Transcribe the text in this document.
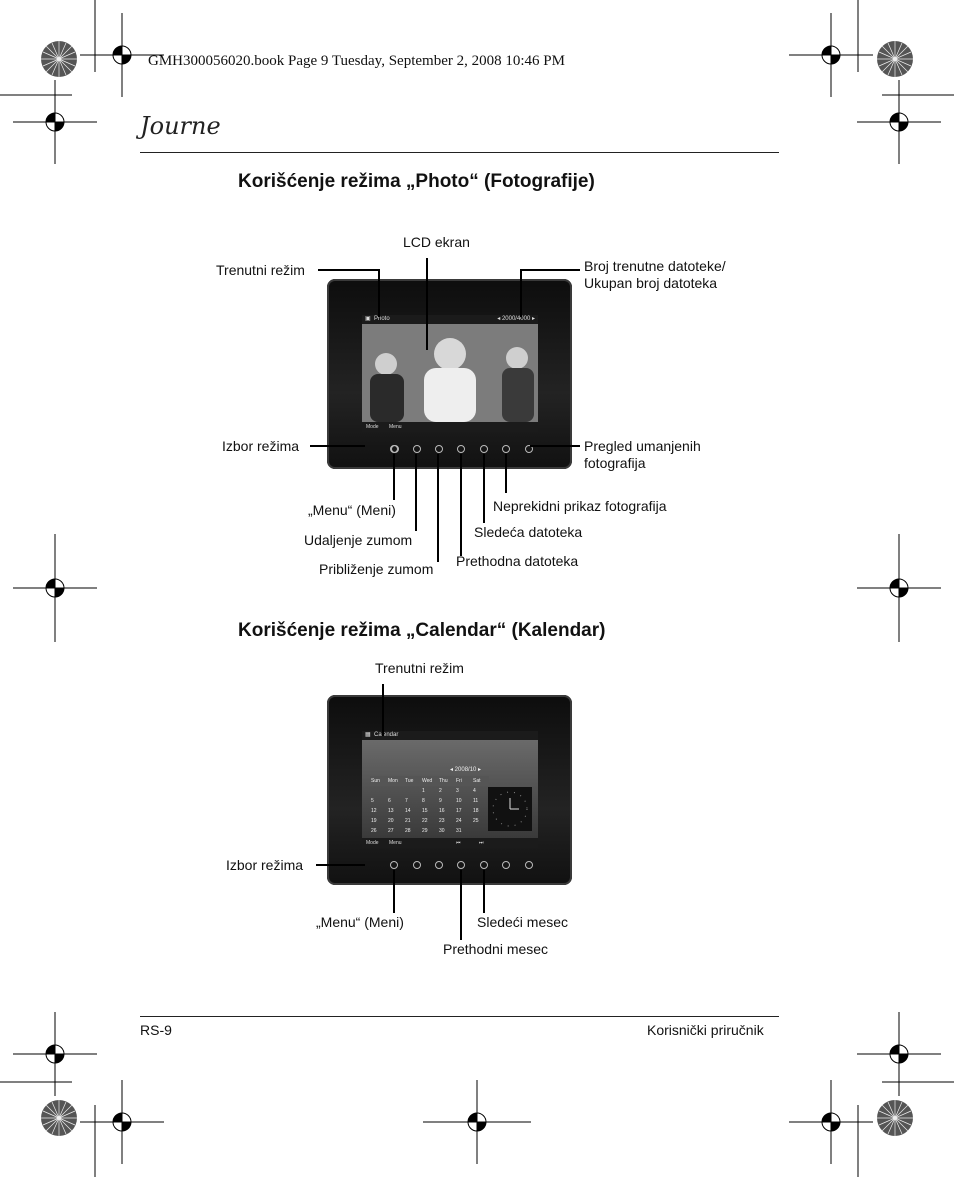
GMH300056020.book Page 9 Tuesday, September 2, 2008 10:46 PM
Journe
Korišćenje režima „Photo“ (Fotografije)
▣ Photo	◂ 2000/4000 ▸
Mode Menu
LCD ekran
Trenutni režim	Broj trenutne datoteke/
Ukupan broj datoteka
Izbor režima	Pregled umanjenih
fotografija
Neprekidni prikaz fotografija
„Menu“ (Meni)
Sledeća datoteka
Udaljenje zumom
Prethodna datoteka
Približenje zumom
Korišćenje režima „Calendar“ (Kalendar)
▦ Calendar
◂ 2008/10 ▸
Sun	Mon	Tue	Wed	Thu	Fri	Sat
			1	2	3	4
5	6	7	8	9	10	11
12	13	14	15	16	17	18
19	20	21	22	23	24	25
26	27	28	29	30	31	
Mode Menu	⏮	⏭
Trenutni režim
Izbor režima
„Menu“ (Meni)	Sledeći mesec
Prethodni mesec
RS-9	Korisnički priručnik
